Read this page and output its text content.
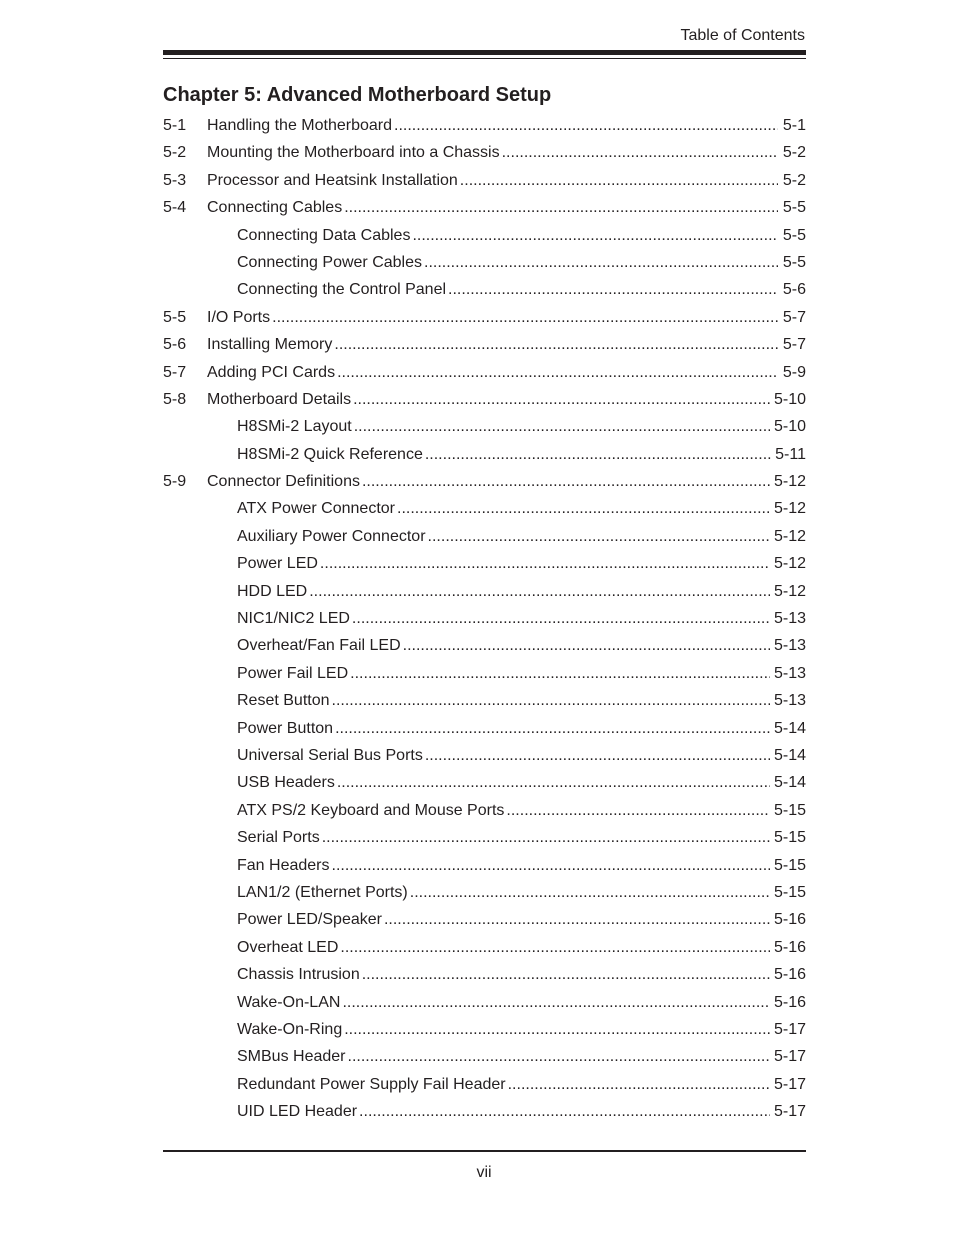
Table of Contents
Chapter 5: Advanced Motherboard Setup
5-1	Handling the Motherboard .....	5-1
5-2	Mounting the Motherboard into a Chassis .....	5-2
5-3	Processor and Heatsink Installation .....	5-2
5-4	Connecting Cables .....	5-5
Connecting Data Cables .....	5-5
Connecting Power Cables .....	5-5
Connecting the Control Panel .....	5-6
5-5	I/O Ports .....	5-7
5-6	Installing Memory .....	5-7
5-7	Adding PCI Cards .....	5-9
5-8	Motherboard Details .....	5-10
H8SMi-2 Layout .....	5-10
H8SMi-2 Quick Reference .....	5-11
5-9	Connector Definitions .....	5-12
ATX Power Connector .....	5-12
Auxiliary Power Connector .....	5-12
Power LED .....	5-12
HDD LED .....	5-12
NIC1/NIC2 LED .....	5-13
Overheat/Fan Fail LED .....	5-13
Power Fail LED .....	5-13
Reset Button .....	5-13
Power Button .....	5-14
Universal Serial Bus Ports .....	5-14
USB Headers .....	5-14
ATX PS/2 Keyboard and Mouse Ports .....	5-15
Serial Ports .....	5-15
Fan Headers .....	5-15
LAN1/2 (Ethernet Ports) .....	5-15
Power LED/Speaker .....	5-16
Overheat LED .....	5-16
Chassis Intrusion .....	5-16
Wake-On-LAN .....	5-16
Wake-On-Ring .....	5-17
SMBus Header .....	5-17
Redundant Power Supply Fail Header .....	5-17
UID LED Header .....	5-17
vii
